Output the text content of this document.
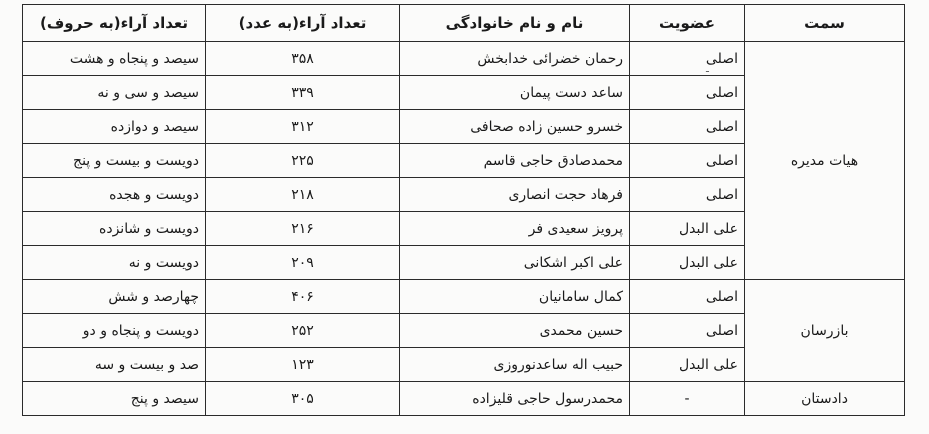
ـ
سمت	عضویت	نام و نام خانوادگی	تعداد آراء(به عدد)	تعداد آراء(به حروف)
هیات مدیره	اصلی	رحمان خضرائی خدابخش	۳۵۸	سیصد و پنجاه و هشت
	اصلی	ساعد دست پیمان	۳۳۹	سیصد و سی و نه
	اصلی	خسرو حسین زاده صحافی	۳۱۲	سیصد و دوازده
	اصلی	محمدصادق حاجی قاسم	۲۲۵	دویست و بیست و پنج
	اصلی	فرهاد حجت انصاری	۲۱۸	دویست و هجده
	علی البدل	پرویز سعیدی فر	۲۱۶	دویست و شانزده
	علی البدل	علی اکبر اشکانی	۲۰۹	دویست و نه
بازرسان	اصلی	کمال سامانیان	۴۰۶	چهارصد و شش
	اصلی	حسین محمدی	۲۵۲	دویست و پنجاه و دو
	علی البدل	حبیب اله ساعدنوروزی	۱۲۳	صد و بیست و سه
دادستان	-	محمدرسول حاجی قلیزاده	۳۰۵	سیصد و پنج
